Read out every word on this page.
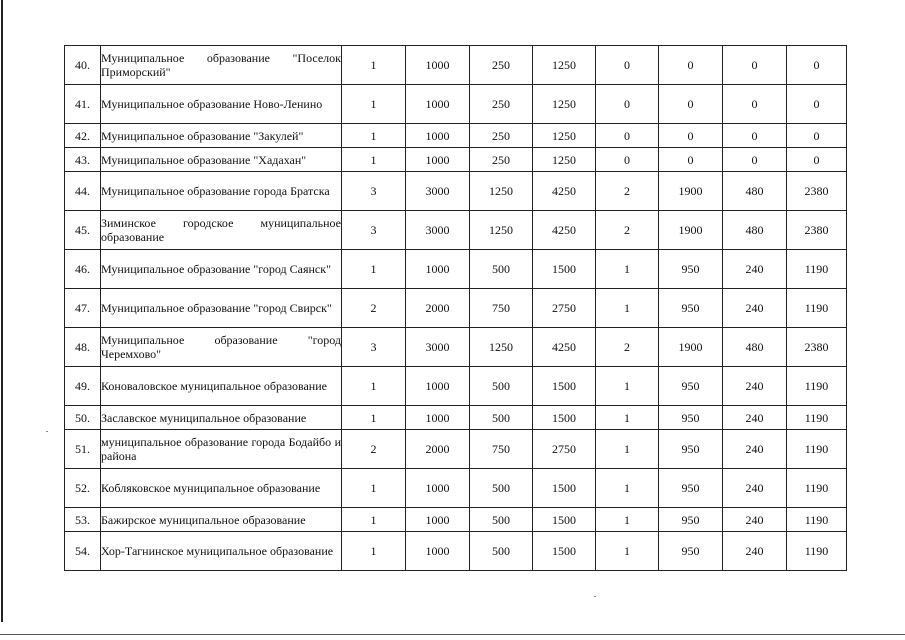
40.	Муниципальное образование "Поселок Приморский"	1	1000	250	1250	0	0	0	0
41.	Муниципальное образование Ново-Ленино	1	1000	250	1250	0	0	0	0
42.	Муниципальное образование "Закулей"	1	1000	250	1250	0	0	0	0
43.	Муниципальное образование "Хадахан"	1	1000	250	1250	0	0	0	0
44.	Муниципальное образование города Братска	3	3000	1250	4250	2	1900	480	2380
45.	Зиминское городское муниципальное образование	3	3000	1250	4250	2	1900	480	2380
46.	Муниципальное образование "город Саянск"	1	1000	500	1500	1	950	240	1190
47.	Муниципальное образование "город Свирск"	2	2000	750	2750	1	950	240	1190
48.	Муниципальное образование "город Черемхово"	3	3000	1250	4250	2	1900	480	2380
49.	Коноваловское муниципальное образование	1	1000	500	1500	1	950	240	1190
50.	Заславское муниципальное образование	1	1000	500	1500	1	950	240	1190
51.	муниципальное образование города Бодайбо и района	2	2000	750	2750	1	950	240	1190
52.	Кобляковское муниципальное образование	1	1000	500	1500	1	950	240	1190
53.	Бажирское муниципальное образование	1	1000	500	1500	1	950	240	1190
54.	Хор-Тагнинское муниципальное образование	1	1000	500	1500	1	950	240	1190
